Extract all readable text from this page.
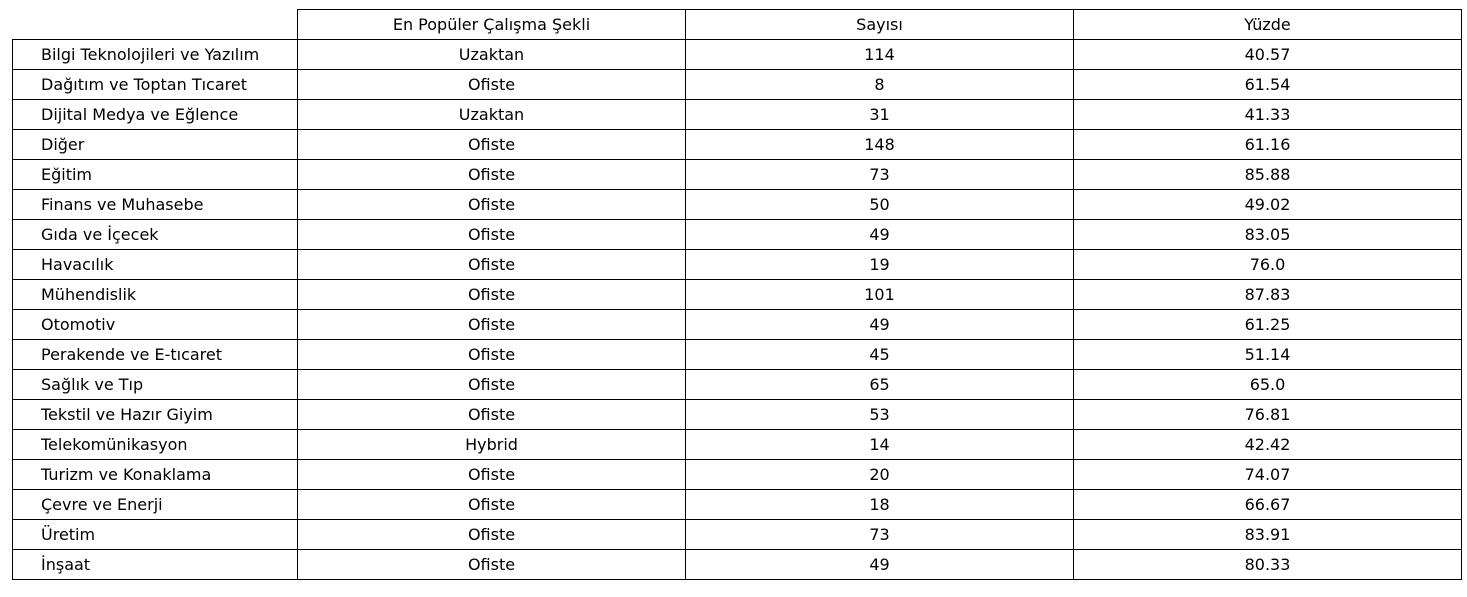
	En Popüler Çalışma Şekli	Sayısı	Yüzde
Bilgi Teknolojileri ve Yazılım	Uzaktan	114	40.57
Dağıtım ve Toptan Tıcaret	Ofiste	8	61.54
Dijital Medya ve Eğlence	Uzaktan	31	41.33
Diğer	Ofiste	148	61.16
Eğitim	Ofiste	73	85.88
Finans ve Muhasebe	Ofiste	50	49.02
Gıda ve İçecek	Ofiste	49	83.05
Havacılık	Ofiste	19	76.0
Mühendislik	Ofiste	101	87.83
Otomotiv	Ofiste	49	61.25
Perakende ve E-tıcaret	Ofiste	45	51.14
Sağlık ve Tıp	Ofiste	65	65.0
Tekstil ve Hazır Giyim	Ofiste	53	76.81
Telekomünikasyon	Hybrid	14	42.42
Turizm ve Konaklama	Ofiste	20	74.07
Çevre ve Enerji	Ofiste	18	66.67
Üretim	Ofiste	73	83.91
İnşaat	Ofiste	49	80.33
